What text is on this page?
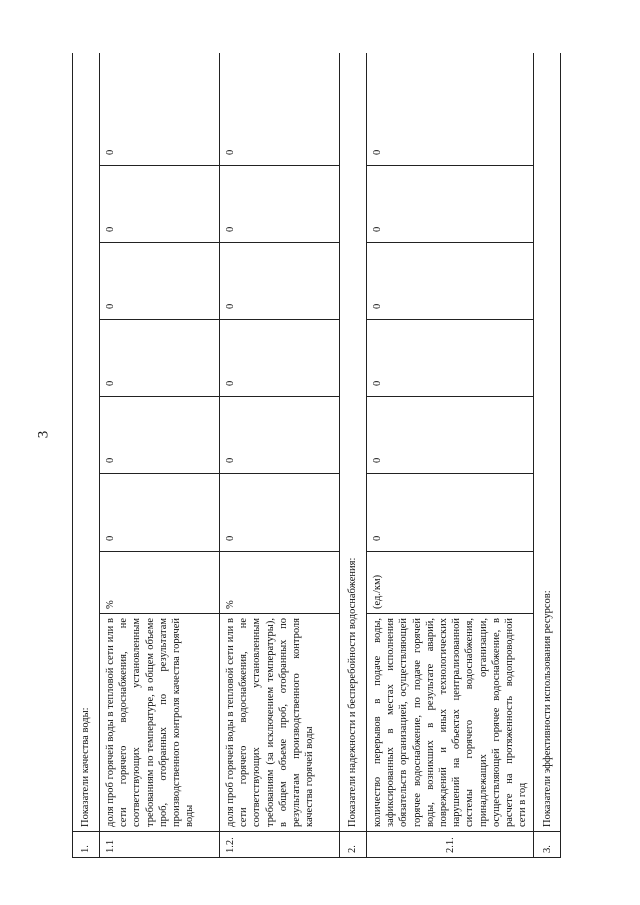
3
1.	Показатели качества воды:							
1.1	доля проб горячей воды в тепловой сети или в сети горячего водоснабжения, не соответствующих установленным требованиям по температуре, в общем объеме проб, отобранных по результатам производственного контроля качества горячей воды	%	0	0	0	0	0	0
1.2.	доля проб горячей воды в тепловой сети или в сети горячего водоснабжения, не соответствующих установленным требованиям (за исключением температуры), в общем объеме проб, отобранных по результатам производственного контроля качества горячей воды	%	0	0	0	0	0	0
2.	Показатели надежности и бесперебойности водоснабжения:							
2.1.	количество перерывов в подаче воды, зафиксированных в местах исполнения обязательств организацией, осуществляющей горячее водоснабжение, по подаче горячей воды, возникших в результате аварий, повреждений и иных технологических нарушений на объектах централизованной системы горячего водоснабжения, принадлежащих организации, осуществляющей горячее водоснабжение, в расчете на протяженность водопроводной сети в год	(ед./км)	0	0	0	0	0	0
3.	Показатели эффективности использования ресурсов:							
